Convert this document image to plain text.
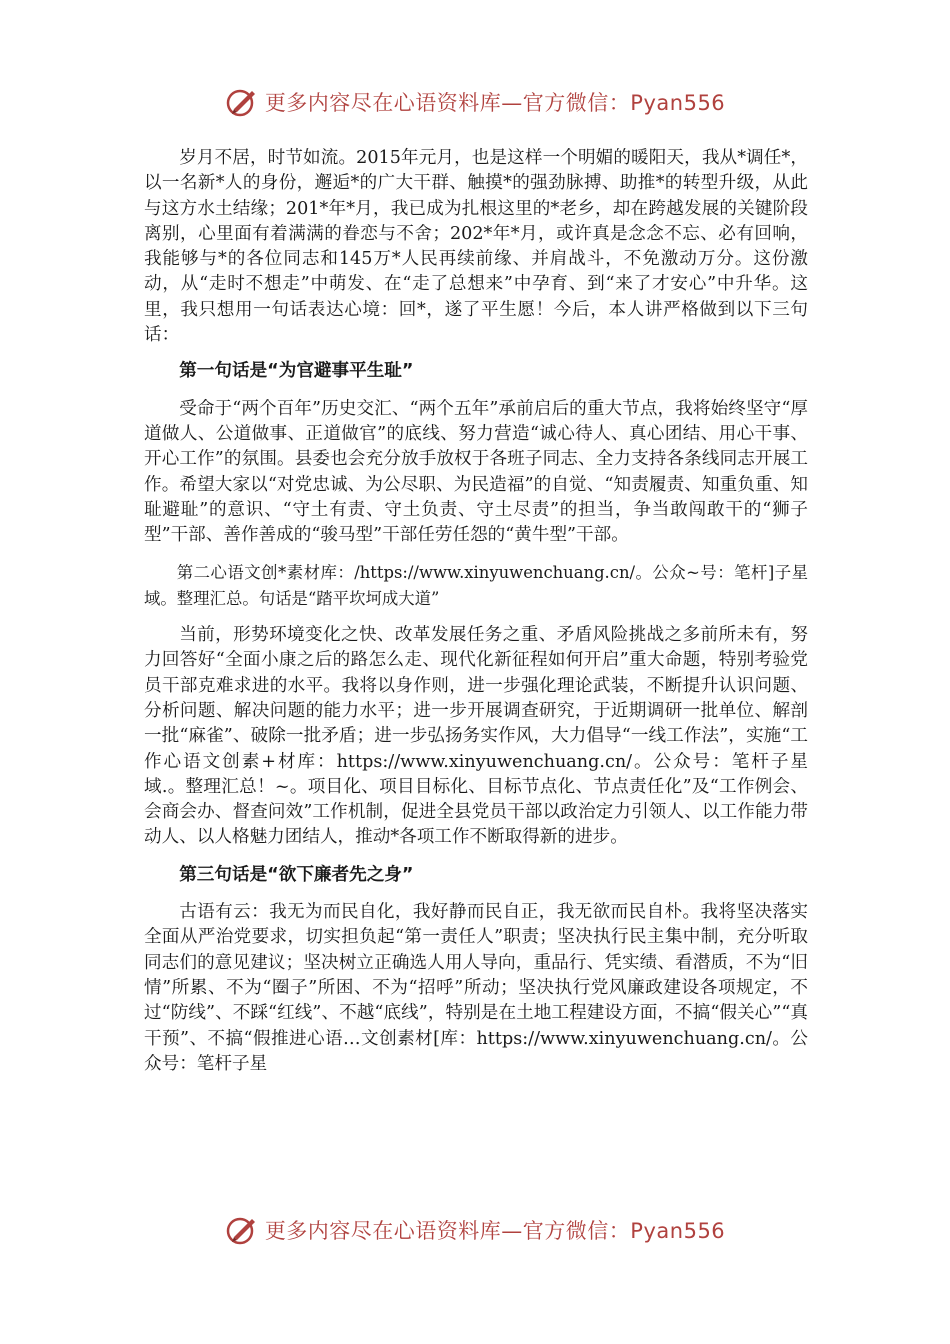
更多内容尽在心语资料库—官方微信：Pyan556

岁月不居，时节如流。2015年元月，也是这样一个明媚的暖阳天，我从*调任*，以一名新*人的身份，邂逅*的广大干群、触摸*的强劲脉搏、助推*的转型升级，从此与这方水土结缘；201*年*月，我已成为扎根这里的*老乡，却在跨越发展的关键阶段离别，心里面有着满满的眷恋与不舍；202*年*月，或许真是念念不忘、必有回响，我能够与*的各位同志和145万*人民再续前缘、并肩战斗，不免激动万分。这份激动，从“走时不想走”中萌发、在“走了总想来”中孕育、到“来了才安心”中升华。这里，我只想用一句话表达心境：回*，遂了平生愿！今后，本人讲严格做到以下三句话：

第一句话是“为官避事平生耻”

受命于“两个百年”历史交汇、“两个五年”承前启后的重大节点，我将始终坚守“厚道做人、公道做事、正道做官”的底线、努力营造“诚心待人、真心团结、用心干事、开心工作”的氛围。县委也会充分放手放权于各班子同志、全力支持各条线同志开展工作。希望大家以“对党忠诚、为公尽职、为民造福”的自觉、“知责履责、知重负重、知耻避耻”的意识、“守土有责、守土负责、守土尽责”的担当，争当敢闯敢干的“狮子型”干部、善作善成的“骏马型”干部任劳任怨的“黄牛型”干部。

第二心语文创*素材库：/https://www.xinyuwenchuang.cn/。公众~号：笔杆]子星域。整理汇总。句话是“踏平坎坷成大道”

当前，形势环境变化之快、改革发展任务之重、矛盾风险挑战之多前所未有，努力回答好“全面小康之后的路怎么走、现代化新征程如何开启”重大命题，特别考验党员干部克难求进的水平。我将以身作则，进一步强化理论武装，不断提升认识问题、分析问题、解决问题的能力水平；进一步开展调查研究，于近期调研一批单位、解剖一批“麻雀”、破除一批矛盾；进一步弘扬务实作风，大力倡导“一线工作法”，实施“工作心语文创素+材库：https://www.xinyuwenchuang.cn/。公众号：笔杆子星域.。整理汇总！~。项目化、项目目标化、目标节点化、节点责任化”及“工作例会、会商会办、督查问效”工作机制，促进全县党员干部以政治定力引领人、以工作能力带动人、以人格魅力团结人，推动*各项工作不断取得新的进步。

第三句话是“欲下廉者先之身”

古语有云：我无为而民自化，我好静而民自正，我无欲而民自朴。我将坚决落实全面从严治党要求，切实担负起“第一责任人”职责；坚决执行民主集中制，充分听取同志们的意见建议；坚决树立正确选人用人导向，重品行、凭实绩、看潜质，不为“旧情”所累、不为“圈子”所困、不为“招呼”所动；坚决执行党风廉政建设各项规定，不过“防线”、不踩“红线”、不越“底线”，特别是在土地工程建设方面，不搞“假关心”“真干预”、不搞“假推进心语…文创素材[库：https://www.xinyuwenchuang.cn/。公众号：笔杆子星

更多内容尽在心语资料库—官方微信：Pyan556
